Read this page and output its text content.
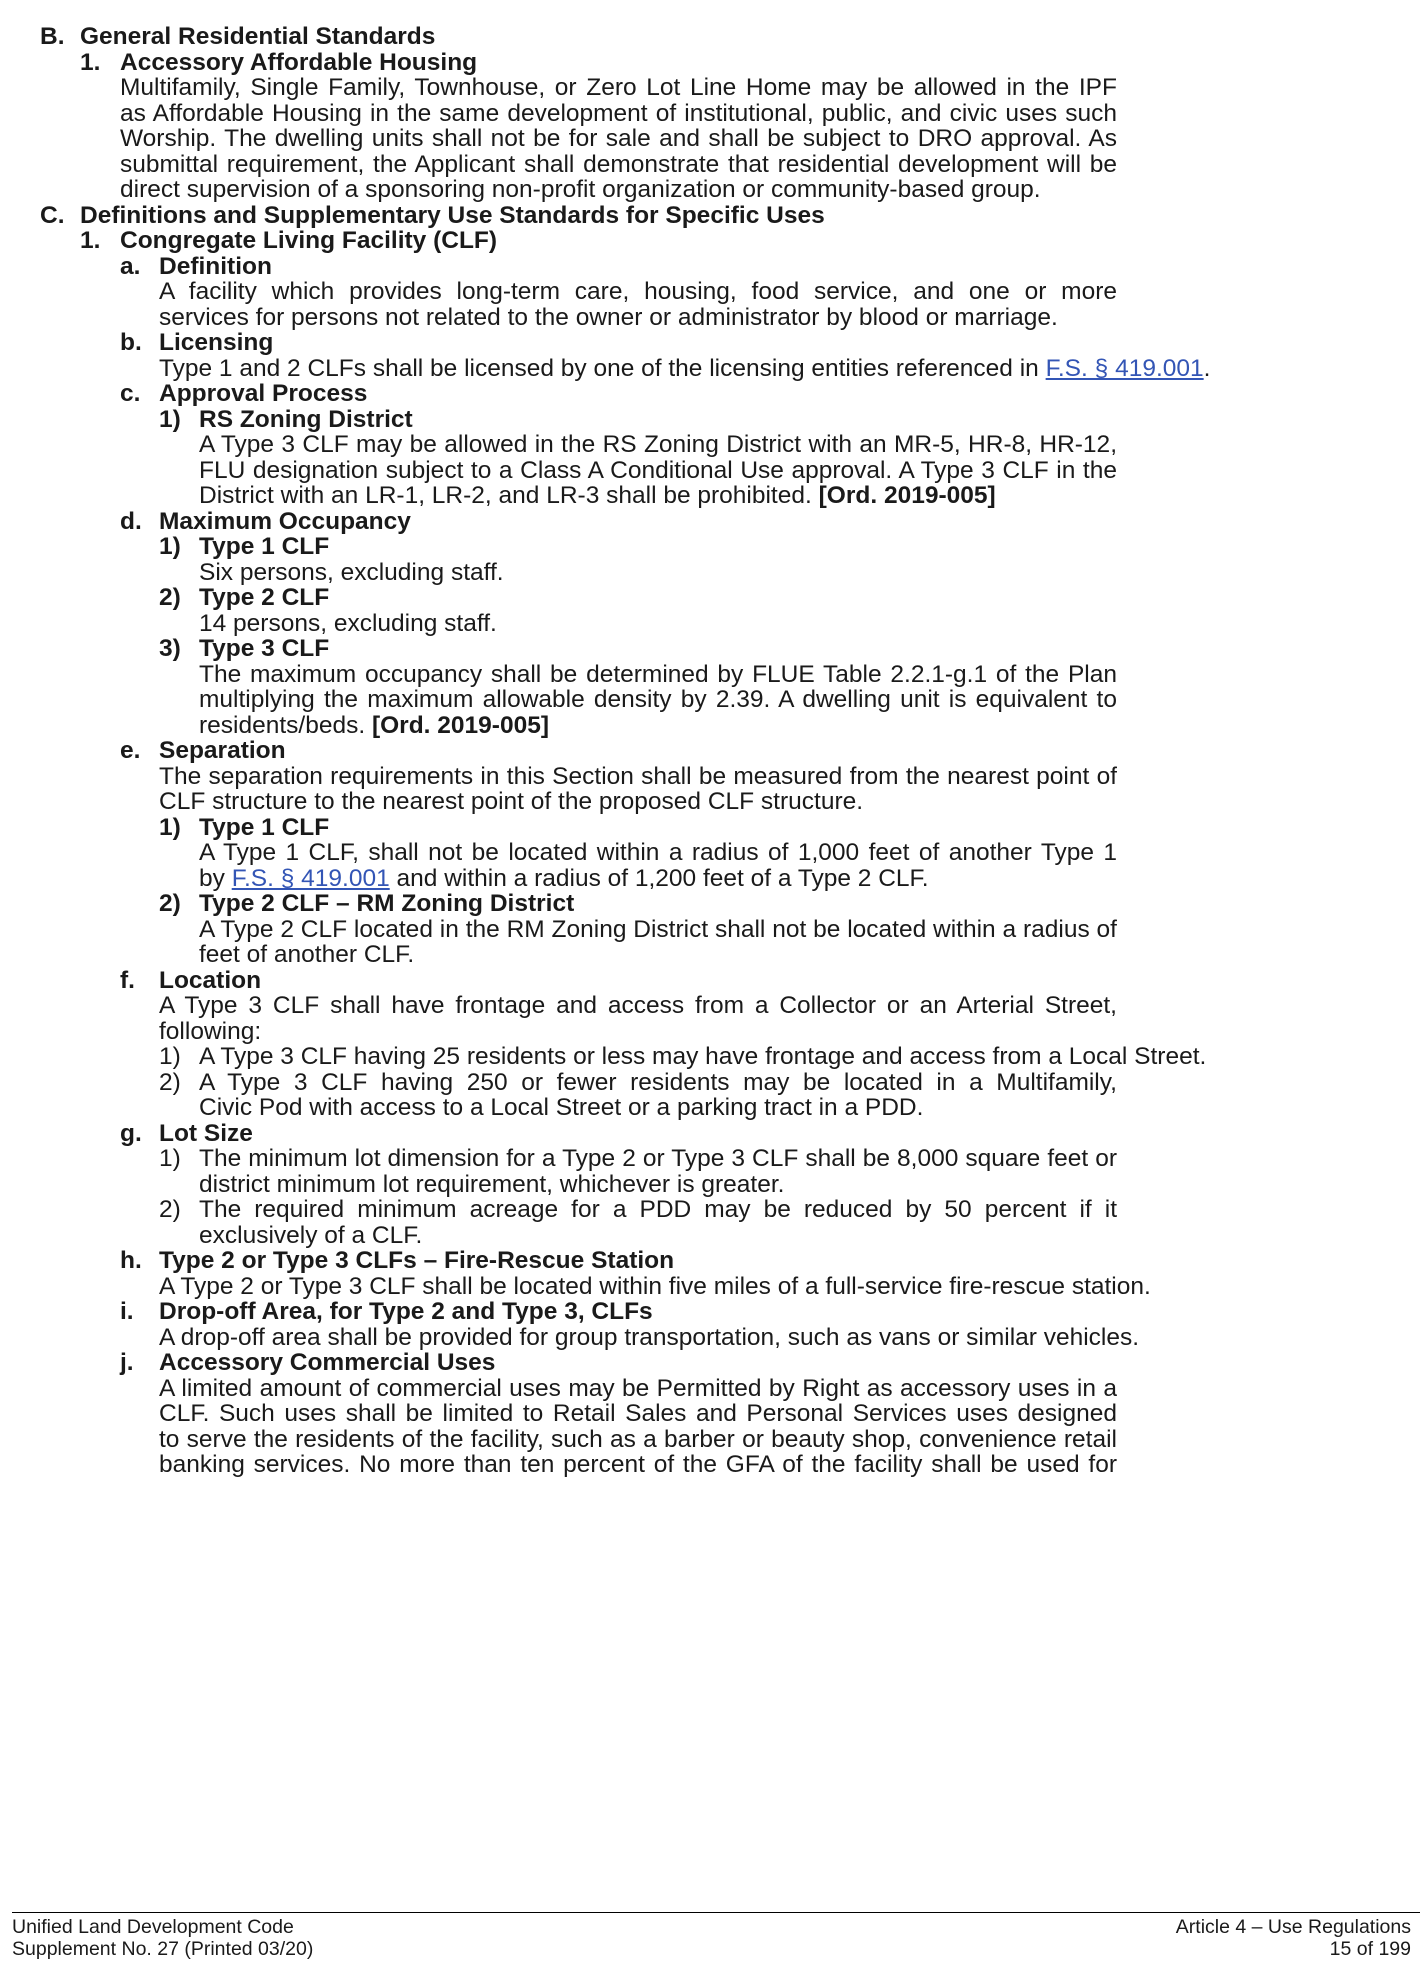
B. General Residential Standards
1. Accessory Affordable Housing
Multifamily, Single Family, Townhouse, or Zero Lot Line Home may be allowed in the IPF
as Affordable Housing in the same development of institutional, public, and civic uses such
Worship. The dwelling units shall not be for sale and shall be subject to DRO approval. As
submittal requirement, the Applicant shall demonstrate that residential development will be
direct supervision of a sponsoring non-profit organization or community-based group.
C. Definitions and Supplementary Use Standards for Specific Uses
1. Congregate Living Facility (CLF)
a. Definition
A facility which provides long-term care, housing, food service, and one or more
services for persons not related to the owner or administrator by blood or marriage.
b. Licensing
Type 1 and 2 CLFs shall be licensed by one of the licensing entities referenced in F.S. § 419.001.
c. Approval Process
1) RS Zoning District
A Type 3 CLF may be allowed in the RS Zoning District with an MR-5, HR-8, HR-12,
FLU designation subject to a Class A Conditional Use approval. A Type 3 CLF in the
District with an LR-1, LR-2, and LR-3 shall be prohibited. [Ord. 2019-005]
d. Maximum Occupancy
1) Type 1 CLF
Six persons, excluding staff.
2) Type 2 CLF
14 persons, excluding staff.
3) Type 3 CLF
The maximum occupancy shall be determined by FLUE Table 2.2.1-g.1 of the Plan
multiplying the maximum allowable density by 2.39. A dwelling unit is equivalent to
residents/beds. [Ord. 2019-005]
e. Separation
The separation requirements in this Section shall be measured from the nearest point of
CLF structure to the nearest point of the proposed CLF structure.
1) Type 1 CLF
A Type 1 CLF, shall not be located within a radius of 1,000 feet of another Type 1
by F.S. § 419.001 and within a radius of 1,200 feet of a Type 2 CLF.
2) Type 2 CLF – RM Zoning District
A Type 2 CLF located in the RM Zoning District shall not be located within a radius of
feet of another CLF.
f. Location
A Type 3 CLF shall have frontage and access from a Collector or an Arterial Street,
following:
1) A Type 3 CLF having 25 residents or less may have frontage and access from a Local Street.
2) A Type 3 CLF having 250 or fewer residents may be located in a Multifamily,
Civic Pod with access to a Local Street or a parking tract in a PDD.
g. Lot Size
1) The minimum lot dimension for a Type 2 or Type 3 CLF shall be 8,000 square feet or
district minimum lot requirement, whichever is greater.
2) The required minimum acreage for a PDD may be reduced by 50 percent if it
exclusively of a CLF.
h. Type 2 or Type 3 CLFs – Fire-Rescue Station
A Type 2 or Type 3 CLF shall be located within five miles of a full-service fire-rescue station.
i. Drop-off Area, for Type 2 and Type 3, CLFs
A drop-off area shall be provided for group transportation, such as vans or similar vehicles.
j. Accessory Commercial Uses
A limited amount of commercial uses may be Permitted by Right as accessory uses in a
CLF. Such uses shall be limited to Retail Sales and Personal Services uses designed
to serve the residents of the facility, such as a barber or beauty shop, convenience retail
banking services. No more than ten percent of the GFA of the facility shall be used for
Unified Land Development Code
Supplement No. 27 (Printed 03/20)
Article 4 – Use Regulations
15 of 199
